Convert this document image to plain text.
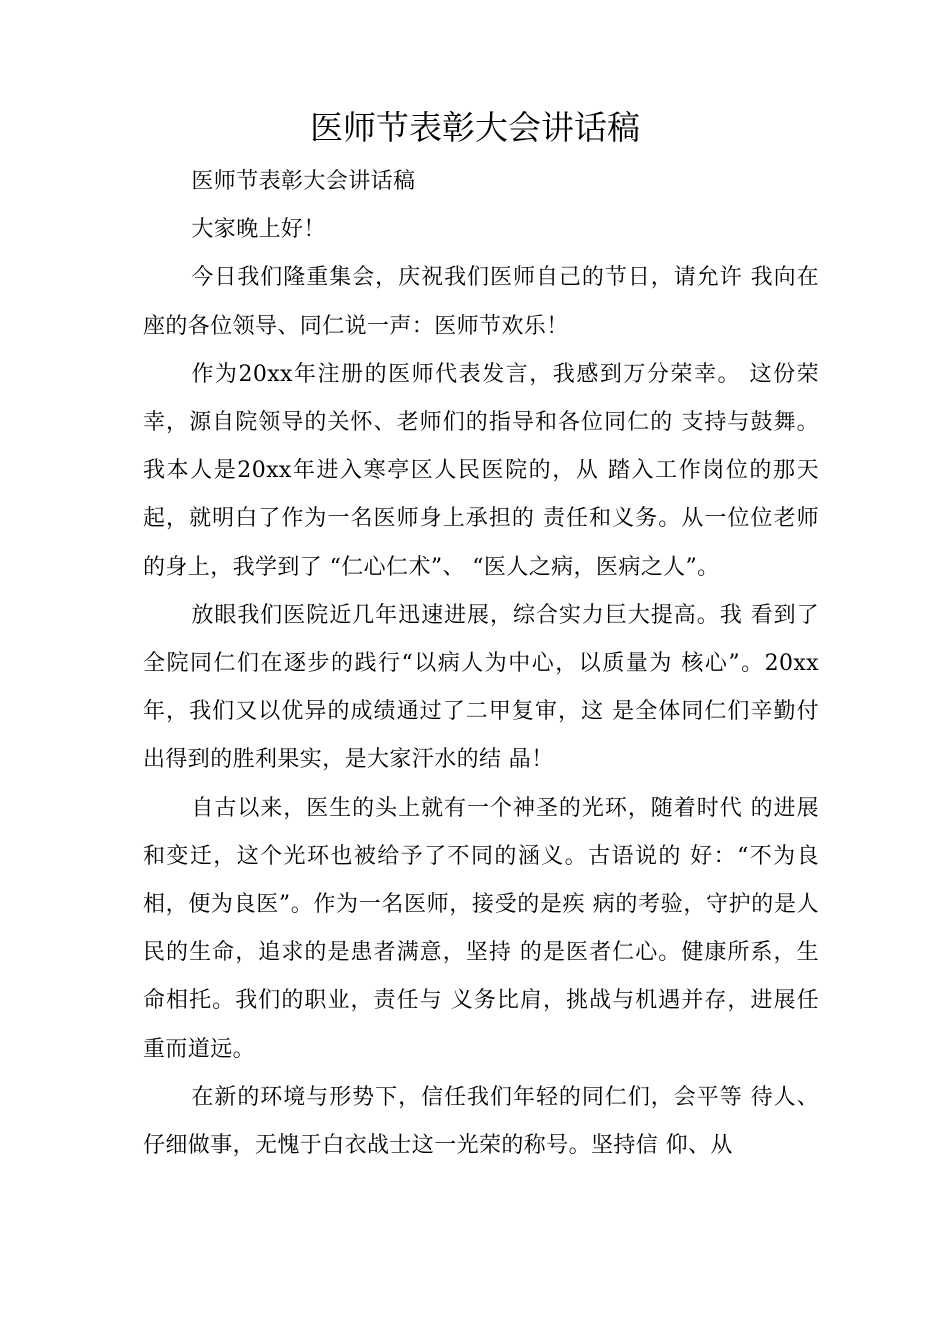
医师节表彰大会讲话稿

医师节表彰大会讲话稿

大家晚上好！

今日我们隆重集会，庆祝我们医师自己的节日，请允许 我向在座的各位领导、同仁说一声：医师节欢乐！

作为20xx年注册的医师代表发言，我感到万分荣幸。 这份荣幸，源自院领导的关怀、老师们的指导和各位同仁的 支持与鼓舞。我本人是20xx年进入寒亭区人民医院的，从 踏入工作岗位的那天起，就明白了作为一名医师身上承担的 责任和义务。从一位位老师的身上，我学到了 “仁心仁术”、 “医人之病，医病之人”。

放眼我们医院近几年迅速进展，综合实力巨大提高。我 看到了全院同仁们在逐步的践行“以病人为中心，以质量为 核心”。20xx年，我们又以优异的成绩通过了二甲复审，这 是全体同仁们辛勤付出得到的胜利果实，是大家汗水的结 晶！

自古以来，医生的头上就有一个神圣的光环，随着时代 的进展和变迁，这个光环也被给予了不同的涵义。古语说的 好：“不为良相，便为良医”。作为一名医师，接受的是疾 病的考验，守护的是人民的生命，追求的是患者满意，坚持 的是医者仁心。健康所系，生命相托。我们的职业，责任与 义务比肩，挑战与机遇并存，进展任重而道远。

在新的环境与形势下，信任我们年轻的同仁们，会平等 待人、仔细做事，无愧于白衣战士这一光荣的称号。坚持信 仰、从
